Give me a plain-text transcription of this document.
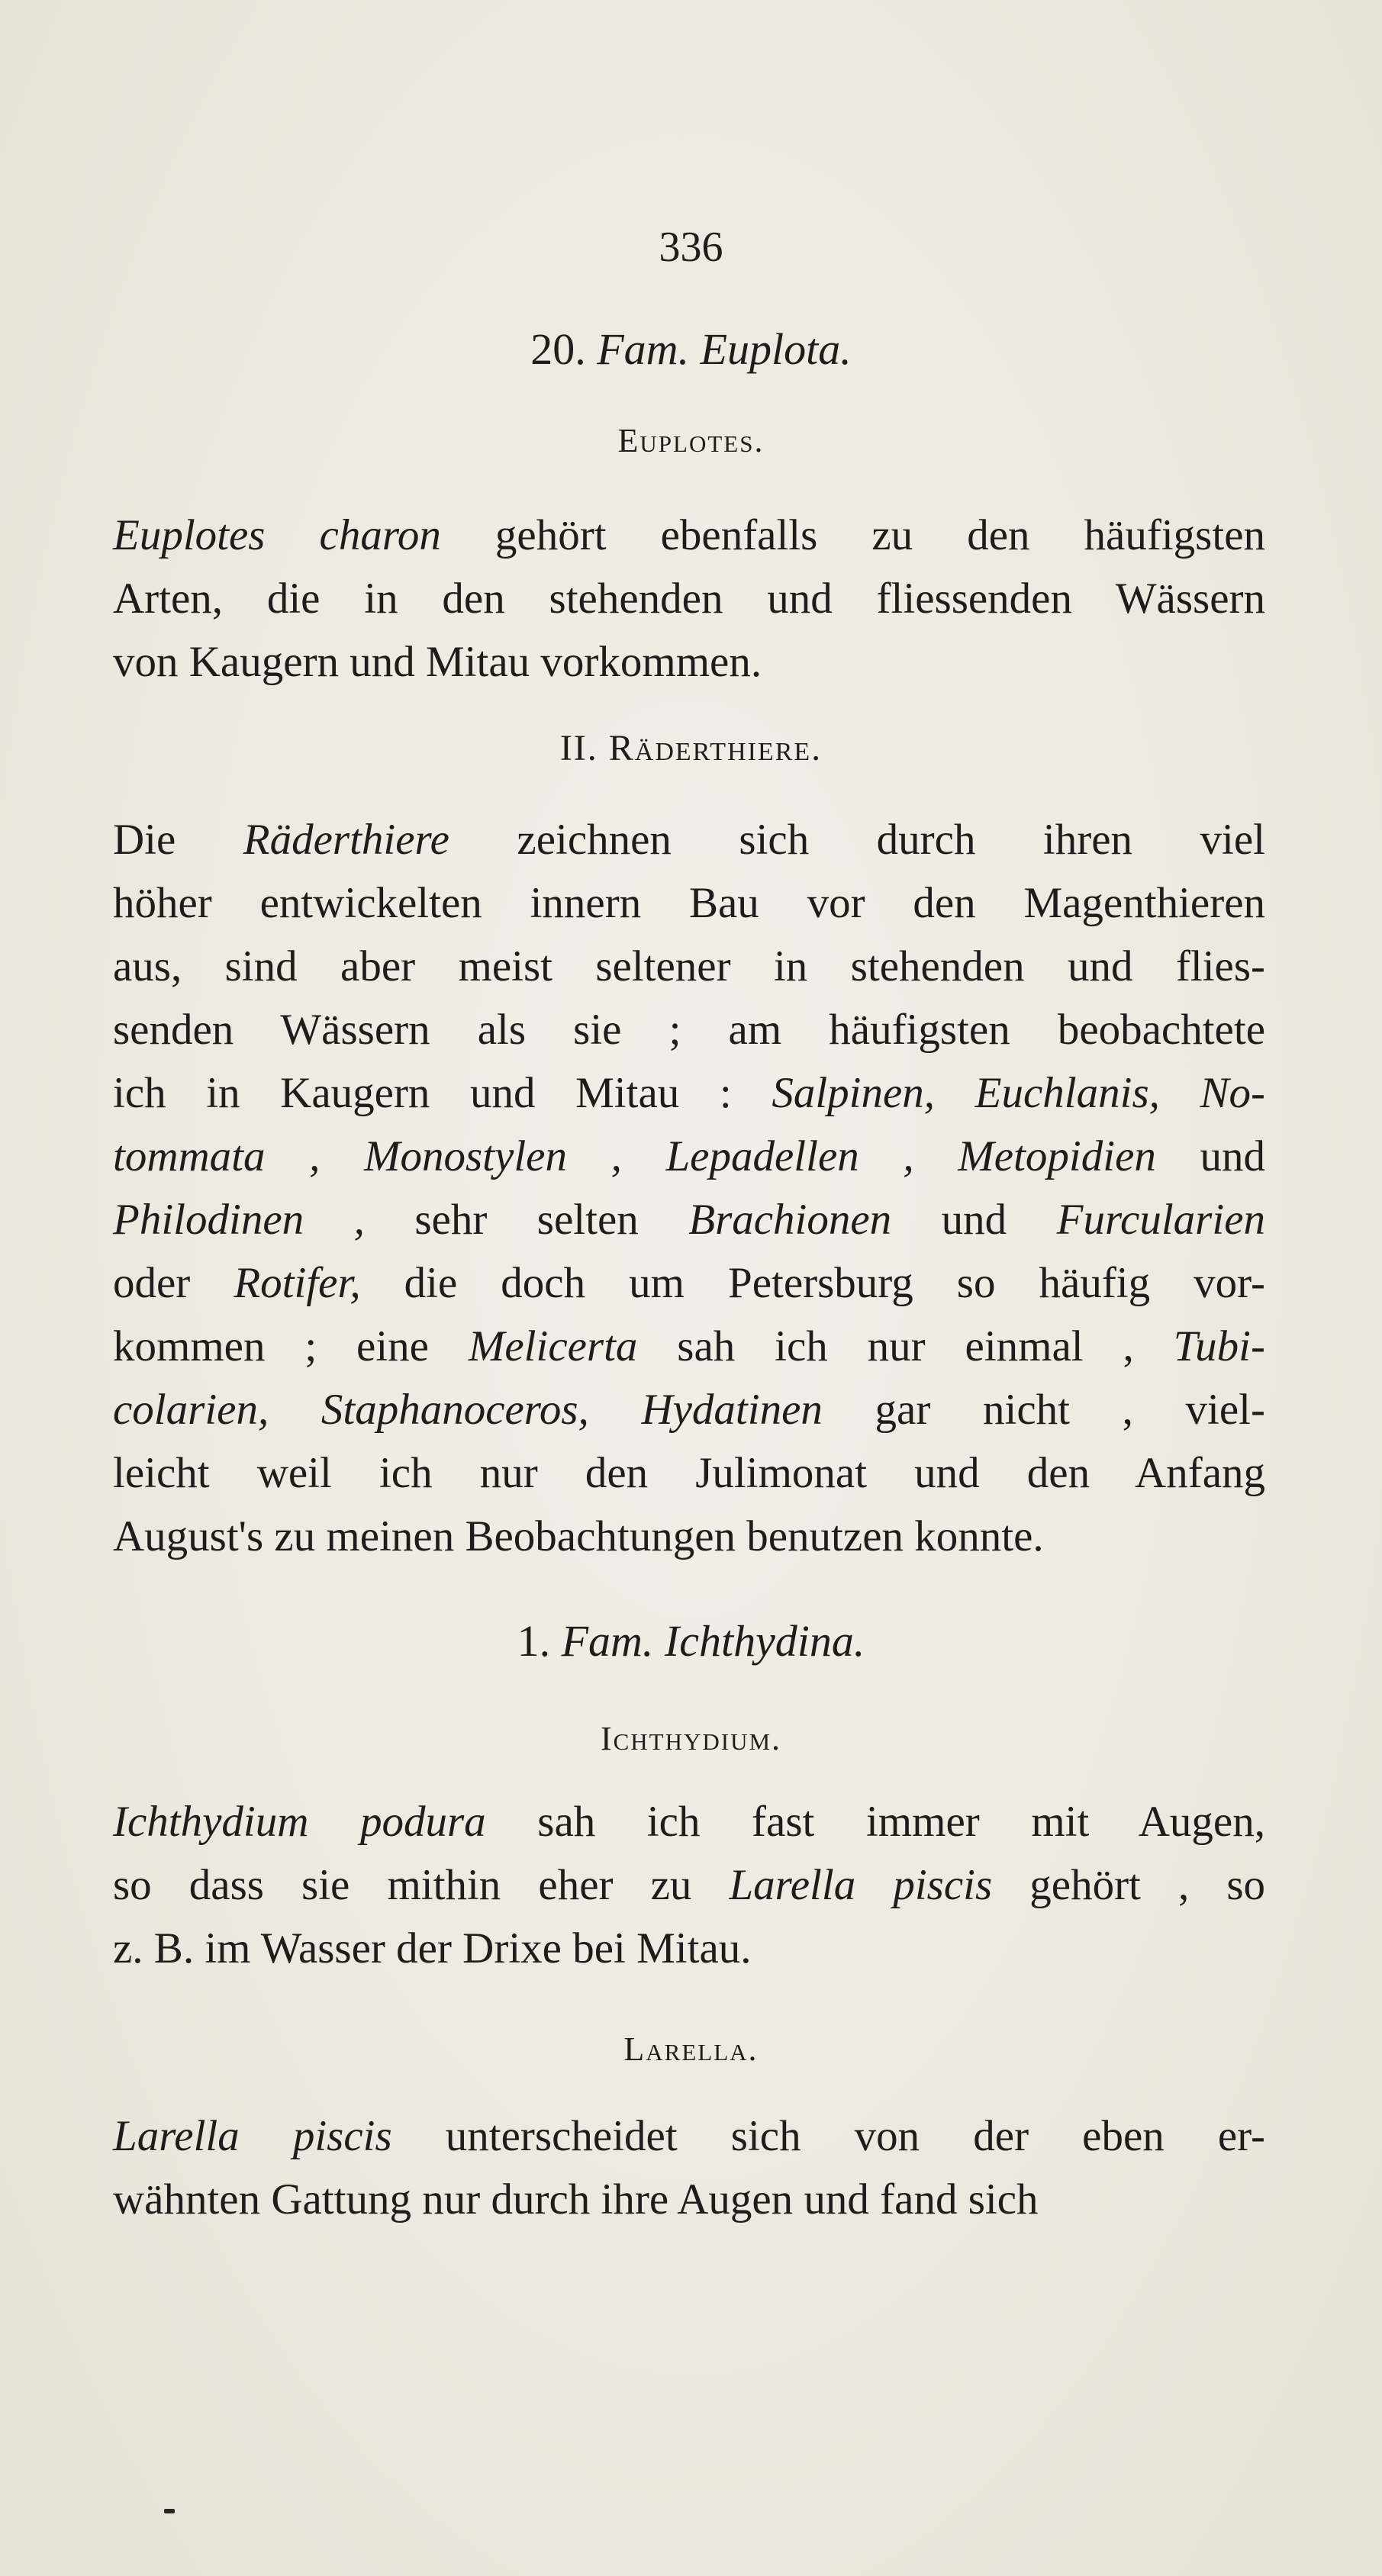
336
20. Fam. Euplota.
Euplotes.
Euplotes charon gehört ebenfalls zu den häufigsten
Arten, die in den stehenden und fliessenden Wässern
von Kaugern und Mitau vorkommen.
II. Räderthiere.
Die Räderthiere zeichnen sich durch ihren viel
höher entwickelten innern Bau vor den Magenthieren
aus, sind aber meist seltener in stehenden und flies-
senden Wässern als sie ; am häufigsten beobachtete
ich in Kaugern und Mitau : Salpinen, Euchlanis, No-
tommata , Monostylen , Lepadellen , Metopidien und
Philodinen , sehr selten Brachionen und Furcularien
oder Rotifer, die doch um Petersburg so häufig vor-
kommen ; eine Melicerta sah ich nur einmal , Tubi-
colarien, Staphanoceros, Hydatinen gar nicht , viel-
leicht weil ich nur den Julimonat und den Anfang
August's zu meinen Beobachtungen benutzen konnte.
1. Fam. Ichthydina.
Ichthydium.
Ichthydium podura sah ich fast immer mit Augen,
so dass sie mithin eher zu Larella piscis gehört , so
z. B. im Wasser der Drixe bei Mitau.
Larella.
Larella piscis unterscheidet sich von der eben er-
wähnten Gattung nur durch ihre Augen und fand sich
